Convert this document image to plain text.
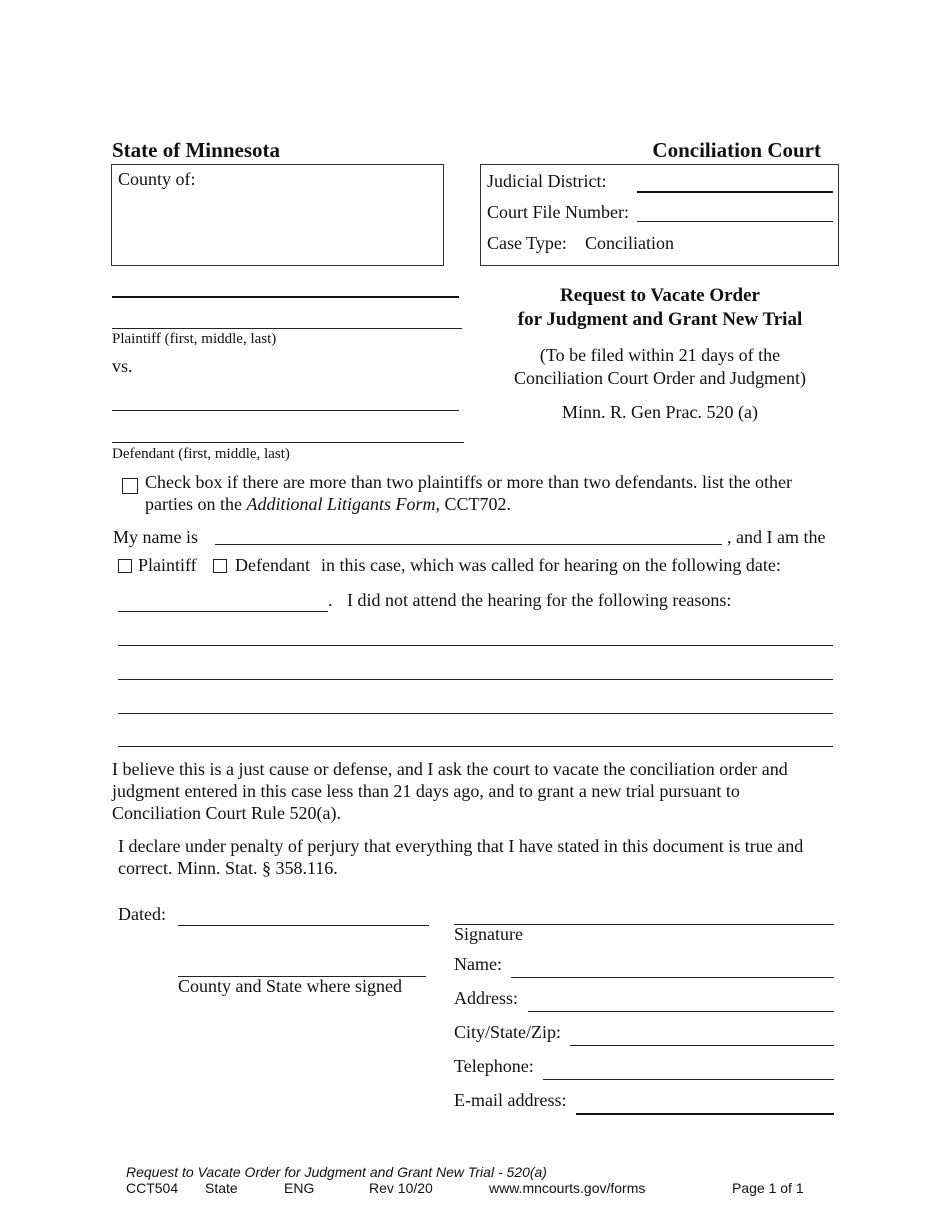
State of Minnesota	Conciliation Court
County of:	Judicial District:
Court File Number:
Case Type: Conciliation
Plaintiff (first, middle, last)
vs.
Defendant (first, middle, last)
Request to Vacate Order
for Judgment and Grant New Trial
(To be filed within 21 days of the
Conciliation Court Order and Judgment)
Minn. R. Gen Prac. 520 (a)
Check box if there are more than two plaintiffs or more than two defendants. list the other
parties on the Additional Litigants Form, CCT702.
My name is	, and I am the
Plaintiff Defendant in this case, which was called for hearing on the following date:
. I did not attend the hearing for the following reasons:
I believe this is a just cause or defense, and I ask the court to vacate the conciliation order and
judgment entered in this case less than 21 days ago, and to grant a new trial pursuant to
Conciliation Court Rule 520(a).
I declare under penalty of perjury that everything that I have stated in this document is true and
correct. Minn. Stat. § 358.116.
Dated:
County and State where signed
Signature
Name:
Address:
City/State/Zip:
Telephone:
E-mail address:
Request to Vacate Order for Judgment and Grant New Trial - 520(a)
CCT504 State	ENG	Rev 10/20	www.mncourts.gov/forms	Page 1 of 1
